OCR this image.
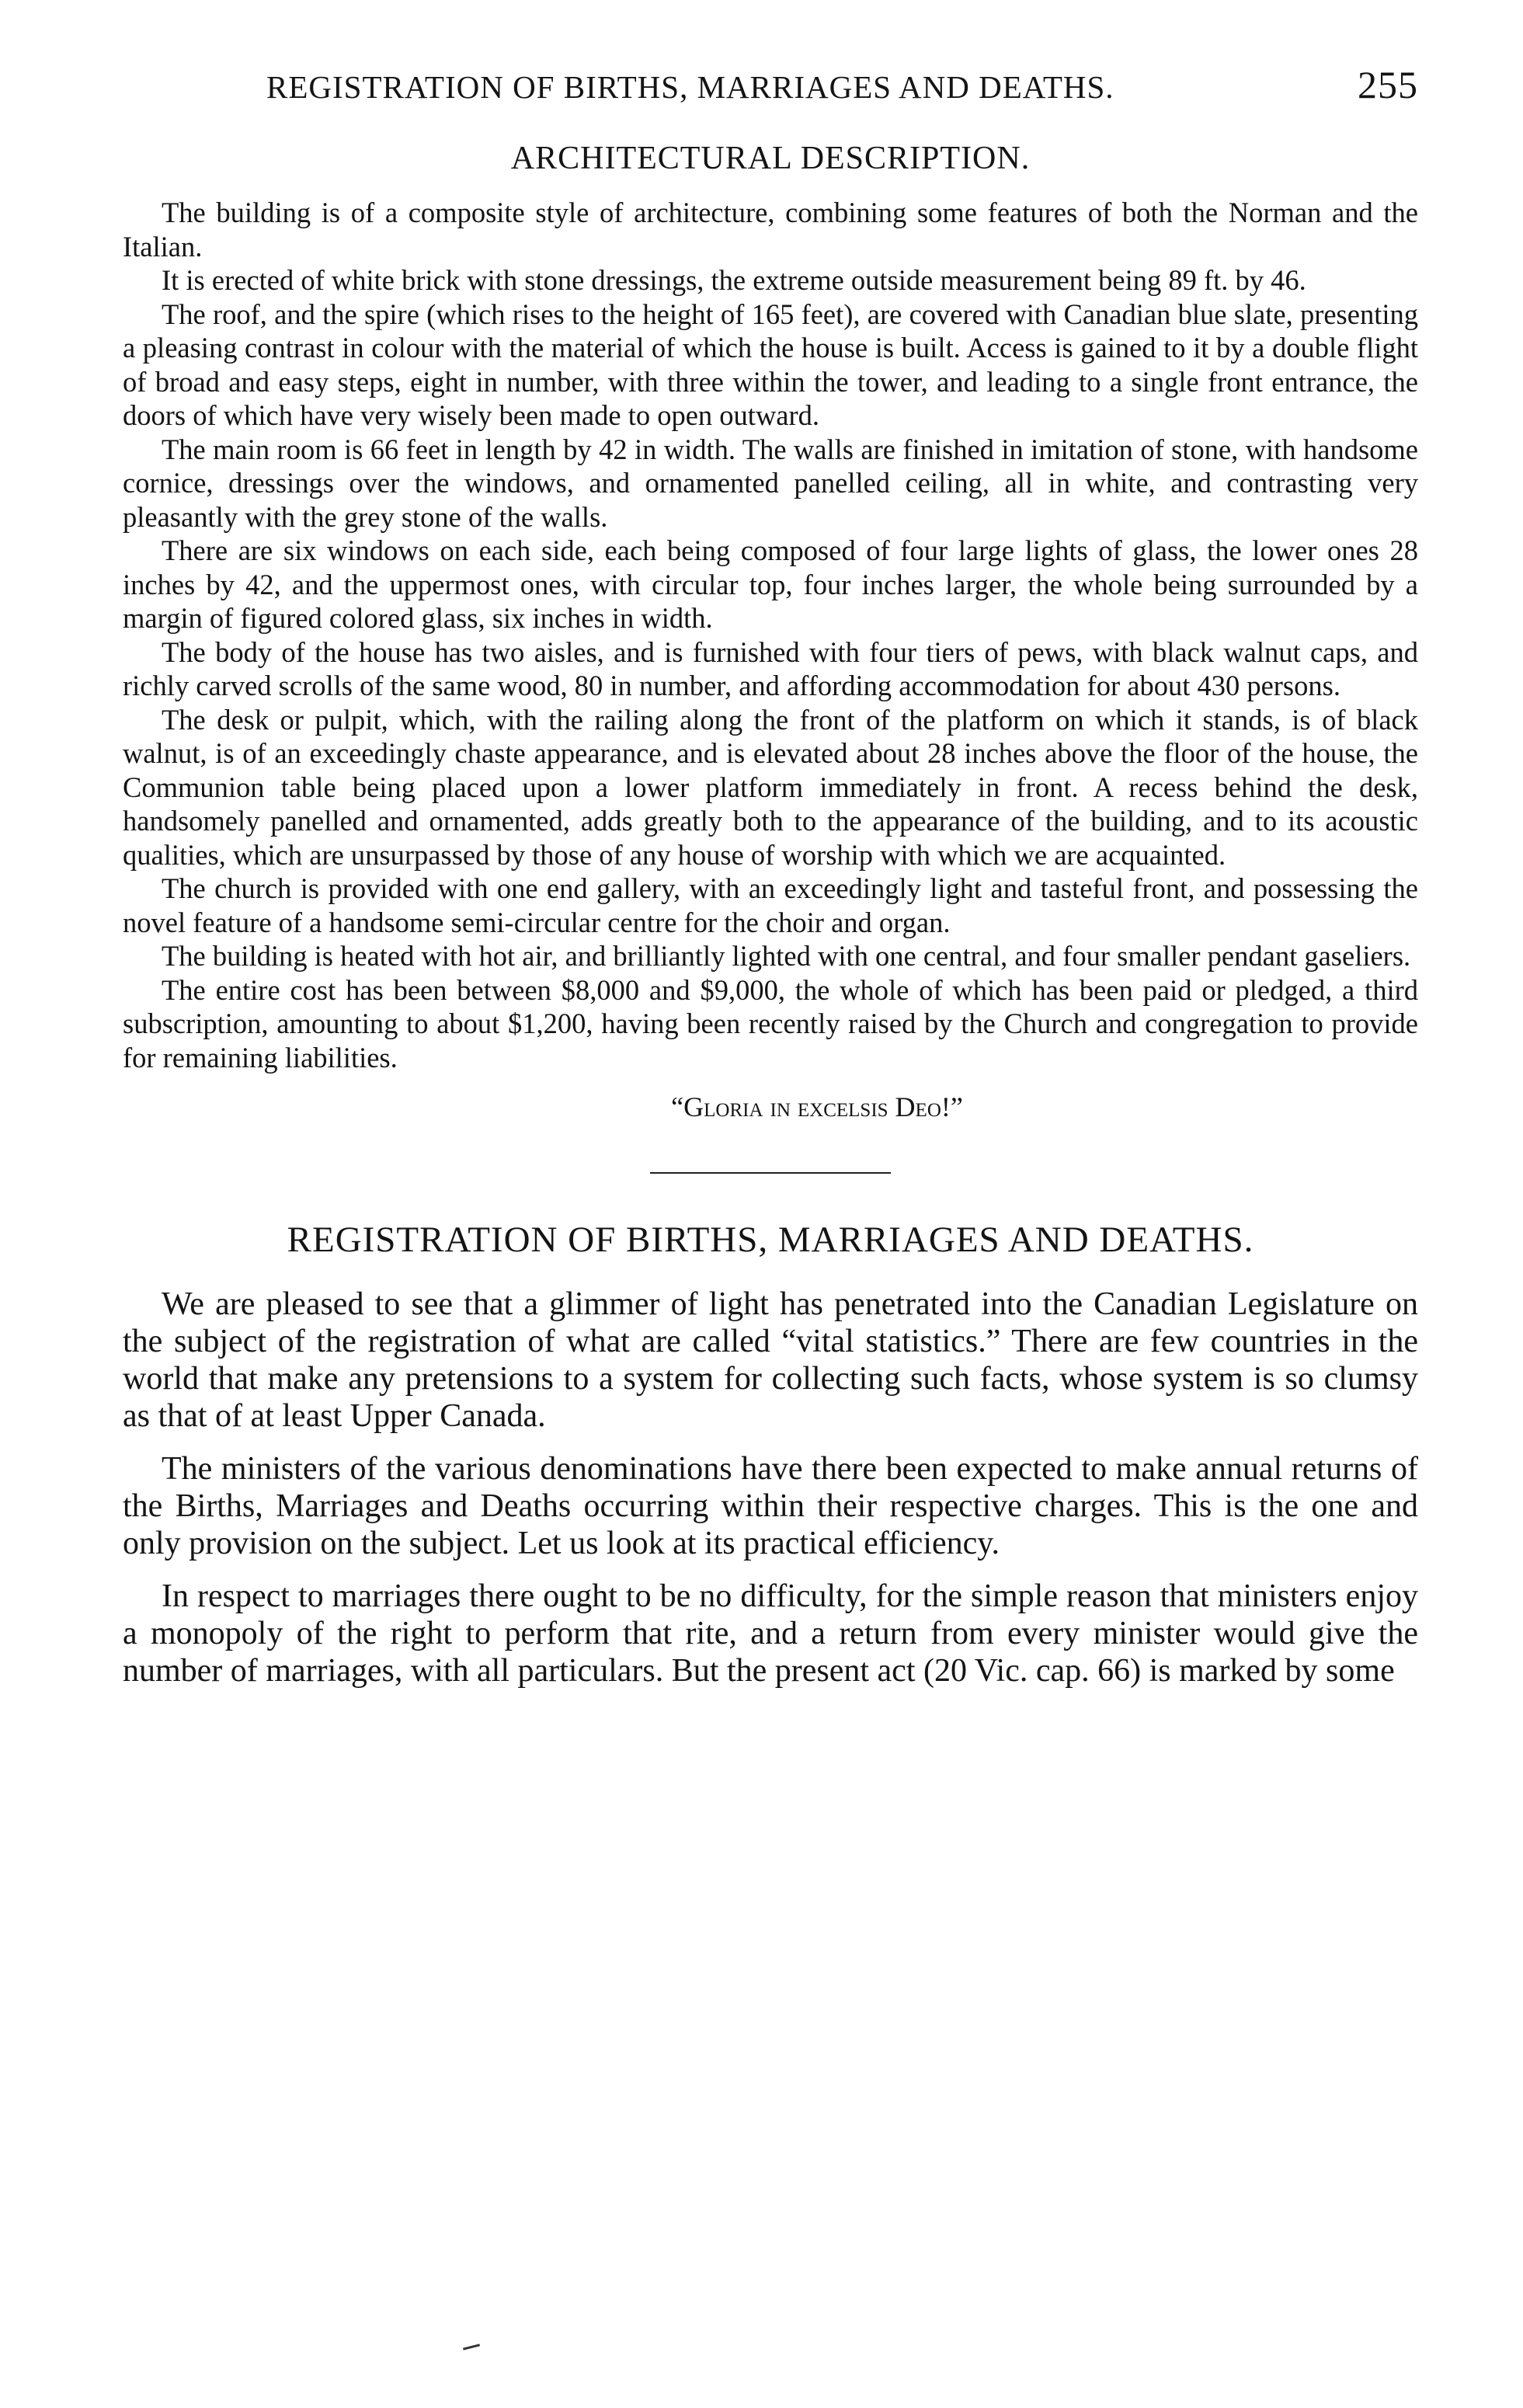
REGISTRATION OF BIRTHS, MARRIAGES AND DEATHS.	255
ARCHITECTURAL DESCRIPTION.

The building is of a composite style of architecture, combining some features of both the Norman and the Italian.

It is erected of white brick with stone dressings, the extreme outside measurement being 89 ft. by 46.

The roof, and the spire (which rises to the height of 165 feet), are covered with Canadian blue slate, presenting a pleasing contrast in colour with the material of which the house is built. Access is gained to it by a double flight of broad and easy steps, eight in number, with three within the tower, and leading to a single front entrance, the doors of which have very wisely been made to open outward.

The main room is 66 feet in length by 42 in width. The walls are finished in imitation of stone, with handsome cornice, dressings over the windows, and ornamented panelled ceiling, all in white, and contrasting very pleasantly with the grey stone of the walls.

There are six windows on each side, each being composed of four large lights of glass, the lower ones 28 inches by 42, and the uppermost ones, with circular top, four inches larger, the whole being surrounded by a margin of figured colored glass, six inches in width.

The body of the house has two aisles, and is furnished with four tiers of pews, with black walnut caps, and richly carved scrolls of the same wood, 80 in number, and affording accommodation for about 430 persons.

The desk or pulpit, which, with the railing along the front of the platform on which it stands, is of black walnut, is of an exceedingly chaste appearance, and is elevated about 28 inches above the floor of the house, the Communion table being placed upon a lower platform immediately in front. A recess behind the desk, handsomely panelled and ornamented, adds greatly both to the appearance of the building, and to its acoustic qualities, which are unsurpassed by those of any house of worship with which we are acquainted.

The church is provided with one end gallery, with an exceedingly light and tasteful front, and possessing the novel feature of a handsome semi-circular centre for the choir and organ.

The building is heated with hot air, and brilliantly lighted with one central, and four smaller pendant gaseliers.

The entire cost has been between $8,000 and $9,000, the whole of which has been paid or pledged, a third subscription, amounting to about $1,200, having been recently raised by the Church and congregation to provide for remaining liabilities.

“Gloria in excelsis Deo!”
REGISTRATION OF BIRTHS, MARRIAGES AND DEATHS.

We are pleased to see that a glimmer of light has penetrated into the Canadian Legislature on the subject of the registration of what are called “vital statistics.” There are few countries in the world that make any pretensions to a system for collecting such facts, whose system is so clumsy as that of at least Upper Canada.

The ministers of the various denominations have there been expected to make annual returns of the Births, Marriages and Deaths occurring within their respective charges. This is the one and only provision on the subject. Let us look at its practical efficiency.

In respect to marriages there ought to be no difficulty, for the simple reason that ministers enjoy a monopoly of the right to perform that rite, and a return from every minister would give the number of marriages, with all particulars. But the present act (20 Vic. cap. 66) is marked by some
